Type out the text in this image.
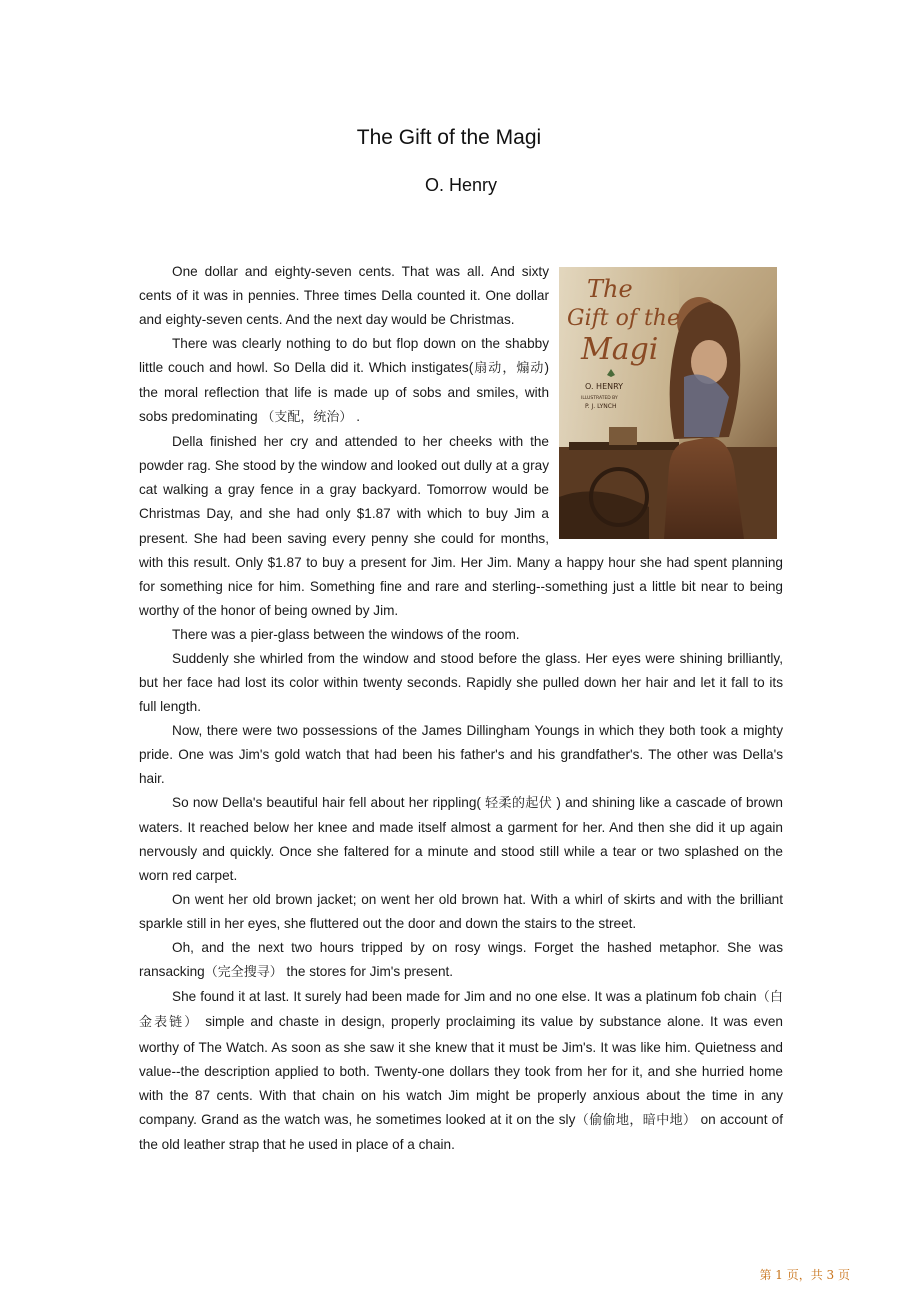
The Gift of the Magi
O. Henry
The
Gift of the
Magi
O. HENRY
ILLUSTRATED BY
P. J. LYNCH

One dollar and eighty-seven cents. That was all. And sixty cents of it was in pennies. Three times Della counted it. One dollar and eighty-seven cents. And the next day would be Christmas.

There was clearly nothing to do but flop down on the shabby little couch and howl. So Della did it. Which instigates(扇动，煽动) the moral reflection that life is made up of sobs and smiles, with sobs predominating （支配，统治） .

Della finished her cry and attended to her cheeks with the powder rag. She stood by the window and looked out dully at a gray cat walking a gray fence in a gray backyard. Tomorrow would be Christmas Day, and she had only $1.87 with which to buy Jim a present. She had been saving every penny she could for months, with this result. Only $1.87 to buy a present for Jim. Her Jim. Many a happy hour she had spent planning for something nice for him. Something fine and rare and sterling--something just a little bit near to being worthy of the honor of being owned by Jim.

There was a pier-glass between the windows of the room.

Suddenly she whirled from the window and stood before the glass. Her eyes were shining brilliantly, but her face had lost its color within twenty seconds. Rapidly she pulled down her hair and let it fall to its full length.

Now, there were two possessions of the James Dillingham Youngs in which they both took a mighty pride. One was Jim's gold watch that had been his father's and his grandfather's. The other was Della's hair.

So now Della's beautiful hair fell about her rippling( 轻柔的起伏 ) and shining like a cascade of brown waters. It reached below her knee and made itself almost a garment for her. And then she did it up again nervously and quickly. Once she faltered for a minute and stood still while a tear or two splashed on the worn red carpet.

On went her old brown jacket; on went her old brown hat. With a whirl of skirts and with the brilliant sparkle still in her eyes, she fluttered out the door and down the stairs to the street.

Oh, and the next two hours tripped by on rosy wings. Forget the hashed metaphor. She was ransacking（完全搜寻） the stores for Jim's present.

She found it at last. It surely had been made for Jim and no one else. It was a platinum fob chain（白金表链） simple and chaste in design, properly proclaiming its value by substance alone. It was even worthy of The Watch. As soon as she saw it she knew that it must be Jim's. It was like him. Quietness and value--the description applied to both. Twenty-one dollars they took from her for it, and she hurried home with the 87 cents. With that chain on his watch Jim might be properly anxious about the time in any company. Grand as the watch was, he sometimes looked at it on the sly（偷偷地，暗中地） on account of the old leather strap that he used in place of a chain.

第 1 页，共 3 页
